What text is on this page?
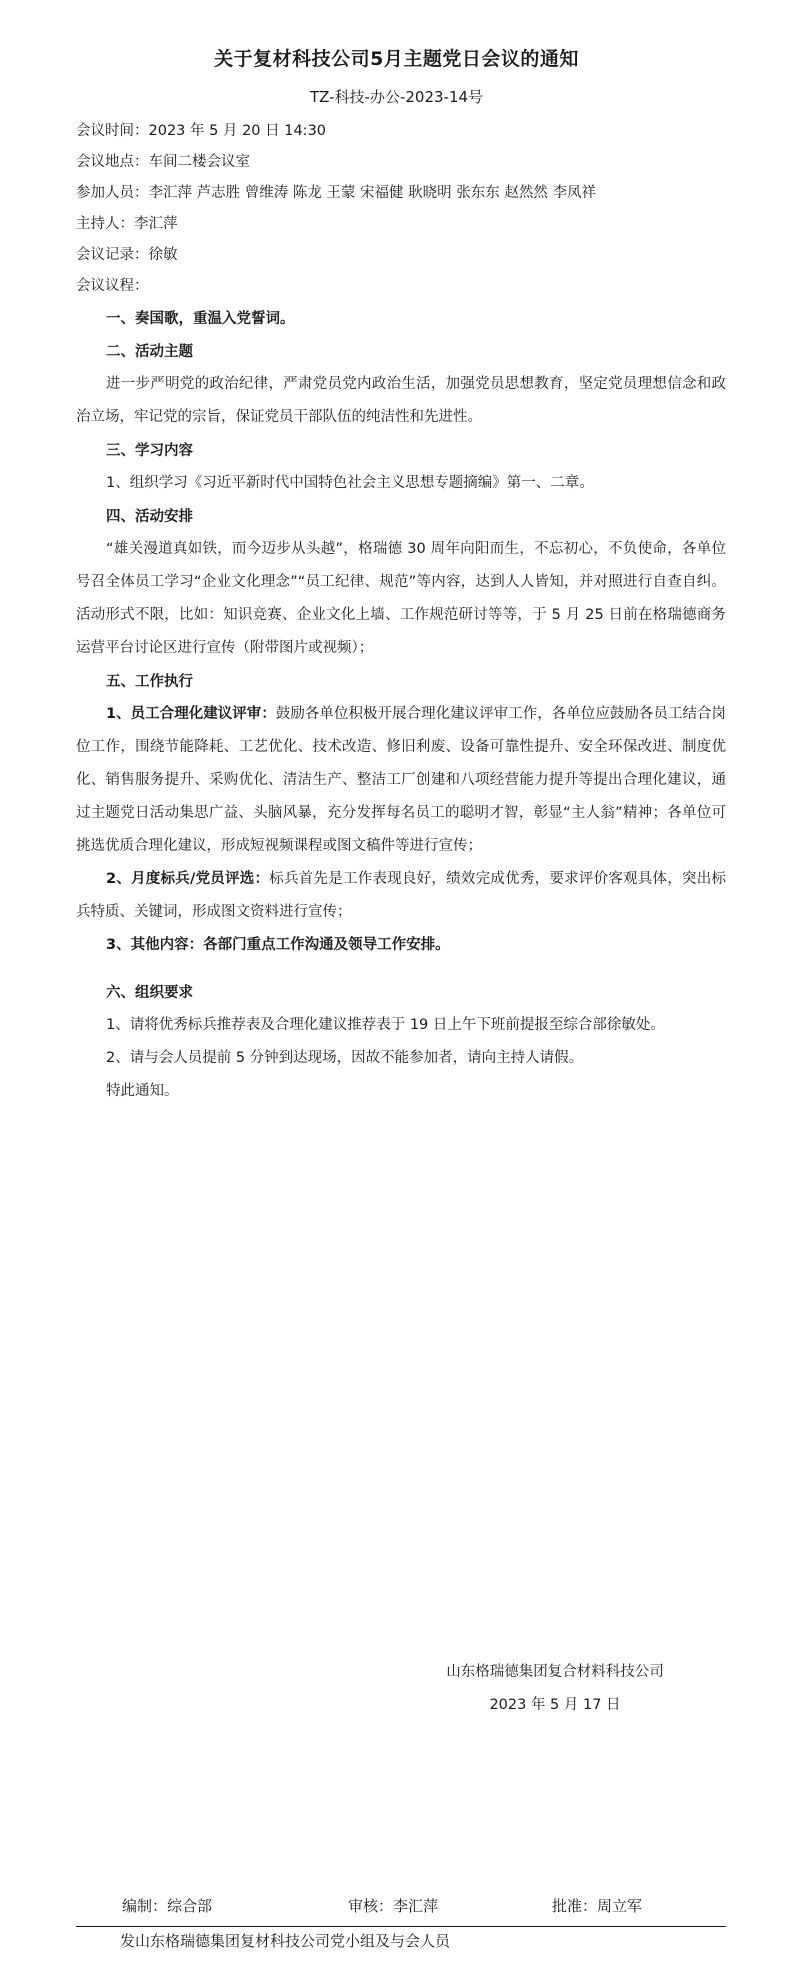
关于复材科技公司5月主题党日会议的通知
TZ-科技-办公-2023-14号
会议时间：2023 年 5 月 20 日 14:30
会议地点：车间二楼会议室
参加人员：李汇萍 芦志胜 曾维涛 陈龙 王蒙 宋福健 耿晓明 张东东 赵然然 李凤祥
主持人：李汇萍
会议记录：徐敏
会议议程：
一、奏国歌，重温入党誓词。
二、活动主题
进一步严明党的政治纪律，严肃党员党内政治生活，加强党员思想教育，坚定党员理想信念和政治立场，牢记党的宗旨，保证党员干部队伍的纯洁性和先进性。
三、学习内容
1、组织学习《习近平新时代中国特色社会主义思想专题摘编》第一、二章。
四、活动安排
“雄关漫道真如铁，而今迈步从头越”，格瑞德 30 周年向阳而生，不忘初心，不负使命，各单位号召全体员工学习“企业文化理念”“员工纪律、规范”等内容，达到人人皆知，并对照进行自查自纠。活动形式不限，比如：知识竞赛、企业文化上墙、工作规范研讨等等，于 5 月 25 日前在格瑞德商务运营平台讨论区进行宣传（附带图片或视频）；
五、工作执行
1、员工合理化建议评审：鼓励各单位积极开展合理化建议评审工作，各单位应鼓励各员工结合岗位工作，围绕节能降耗、工艺优化、技术改造、修旧利废、设备可靠性提升、安全环保改进、制度优化、销售服务提升、采购优化、清洁生产、整洁工厂创建和八项经营能力提升等提出合理化建议，通过主题党日活动集思广益、头脑风暴，充分发挥每名员工的聪明才智，彰显“主人翁”精神；各单位可挑选优质合理化建议，形成短视频课程或图文稿件等进行宣传；
2、月度标兵/党员评选：标兵首先是工作表现良好，绩效完成优秀，要求评价客观具体，突出标兵特质、关键词，形成图文资料进行宣传；
3、其他内容：各部门重点工作沟通及领导工作安排。
六、组织要求
1、请将优秀标兵推荐表及合理化建议推荐表于 19 日上午下班前提报至综合部徐敏处。
2、请与会人员提前 5 分钟到达现场，因故不能参加者，请向主持人请假。
特此通知。
山东格瑞德集团复合材料科技公司
2023 年 5 月 17 日
编制：综合部	审核：李汇萍	批准：周立军
发山东格瑞德集团复材科技公司党小组及与会人员
